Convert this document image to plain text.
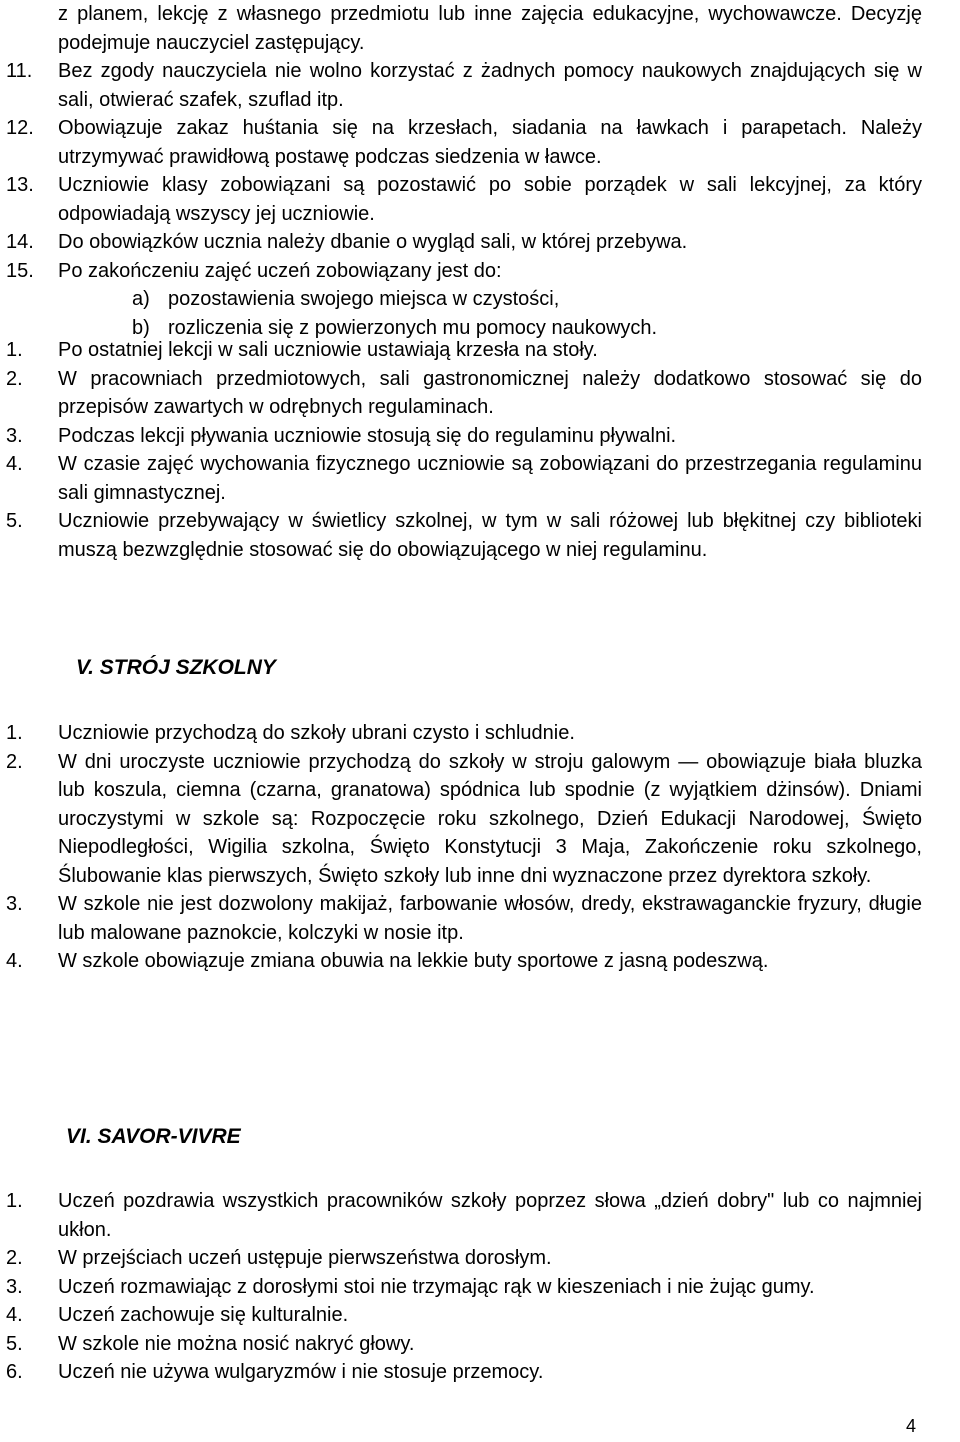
z planem, lekcję z własnego przedmiotu lub inne zajęcia edukacyjne, wychowawcze. Decyzję podejmuje nauczyciel zastępujący.
11. Bez zgody nauczyciela nie wolno korzystać z żadnych pomocy naukowych znajdujących się w sali, otwierać szafek, szuflad itp.
12. Obowiązuje zakaz huśtania się na krzesłach, siadania na ławkach i parapetach. Należy utrzymywać prawidłową postawę podczas siedzenia w ławce.
13. Uczniowie klasy zobowiązani są pozostawić po sobie porządek w sali lekcyjnej, za który odpowiadają wszyscy jej uczniowie.
14. Do obowiązków ucznia należy dbanie o wygląd sali, w której przebywa.
15. Po zakończeniu zajęć uczeń zobowiązany jest do:
a) pozostawienia swojego miejsca w czystości,
b) rozliczenia się z powierzonych mu pomocy naukowych.
1. Po ostatniej lekcji w sali uczniowie ustawiają krzesła na stoły.
2. W pracowniach przedmiotowych, sali gastronomicznej należy dodatkowo stosować się do przepisów zawartych w odrębnych regulaminach.
3. Podczas lekcji pływania uczniowie stosują się do regulaminu pływalni.
4. W czasie zajęć wychowania fizycznego uczniowie są zobowiązani do przestrzegania regulaminu sali gimnastycznej.
5. Uczniowie przebywający w świetlicy szkolnej, w tym w sali różowej lub błękitnej czy biblioteki muszą bezwzględnie stosować się do obowiązującego w niej regulaminu.
V. STRÓJ SZKOLNY
1. Uczniowie przychodzą do szkoły ubrani czysto i schludnie.
2. W dni uroczyste uczniowie przychodzą do szkoły w stroju galowym — obowiązuje biała bluzka lub koszula, ciemna (czarna, granatowa) spódnica lub spodnie (z wyjątkiem dżinsów). Dniami uroczystymi w szkole są: Rozpoczęcie roku szkolnego, Dzień Edukacji Narodowej, Święto Niepodległości, Wigilia szkolna, Święto Konstytucji 3 Maja, Zakończenie roku szkolnego, Ślubowanie klas pierwszych, Święto szkoły lub inne dni wyznaczone przez dyrektora szkoły.
3. W szkole nie jest dozwolony makijaż, farbowanie włosów, dredy, ekstrawaganckie fryzury, długie lub malowane paznokcie, kolczyki w nosie itp.
4. W szkole obowiązuje zmiana obuwia na lekkie buty sportowe z jasną podeszwą.
VI. SAVOR-VIVRE
1. Uczeń pozdrawia wszystkich pracowników szkoły poprzez słowa „dzień dobry" lub co najmniej ukłon.
2. W przejściach uczeń ustępuje pierwszeństwa dorosłym.
3. Uczeń rozmawiając z dorosłymi stoi nie trzymając rąk w kieszeniach i nie żując gumy.
4. Uczeń zachowuje się kulturalnie.
5. W szkole nie można nosić nakryć głowy.
6. Uczeń nie używa wulgaryzmów i nie stosuje przemocy.
4
